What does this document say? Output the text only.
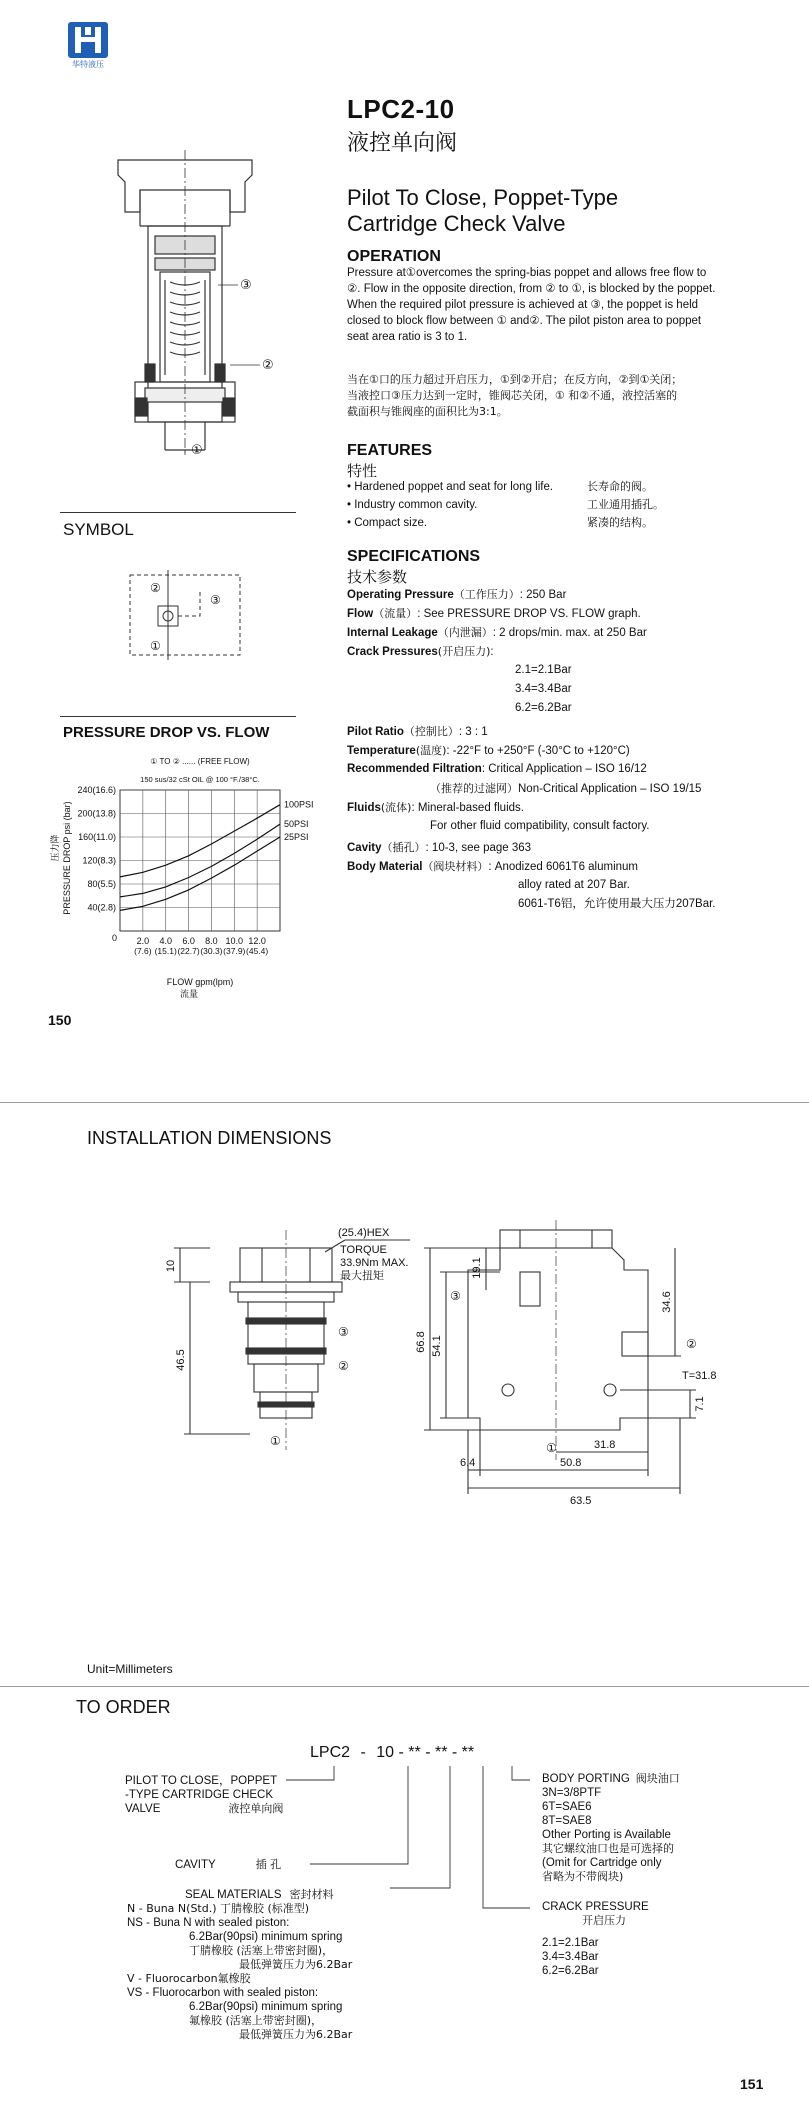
华特液压
LPC2-10
液控单向阀
Pilot To Close, Poppet-Type
Cartridge Check Valve
③
②
①
OPERATION
Pressure at①overcomes the spring-bias poppet and allows free flow to
②. Flow in the opposite direction, from ② to ①, is blocked by the poppet.
When the required pilot pressure is achieved at ③, the poppet is held
closed to block flow between ① and②. The pilot piston area to poppet
seat area ratio is 3 to 1.
当在①口的压力超过开启压力，①到②开启；在反方向，②到①关闭；
当液控口③压力达到一定时，锥阀芯关闭，① 和②不通，液控活塞的
截面积与锥阀座的面积比为3:1。
FEATURES
特性
• Hardened poppet and seat for long life.	长寿命的阀。
• Industry common cavity.	工业通用插孔。
• Compact size.	紧凑的结构。
SPECIFICATIONS
技术参数
Operating Pressure（工作压力）: 250 Bar
Flow（流量）: See PRESSURE DROP VS. FLOW graph.
Internal Leakage（内泄漏）: 2 drops/min. max. at 250 Bar
Crack Pressures(开启压力):
2.1=2.1Bar
3.4=3.4Bar
6.2=6.2Bar
Pilot Ratio（控制比）: 3 : 1
Temperature(温度): -22°F to +250°F (-30°C to +120°C)
Recommended Filtration: Critical Application – ISO 16/12
（推荐的过滤网）Non-Critical Application – ISO 19/15
Fluids(流体): Mineral-based fluids.
For other fluid compatibility, consult factory.
Cavity（插孔）: 10-3, see page 363
Body Material（阀块材料）: Anodized 6061T6 aluminum
alloy rated at 207 Bar.
6061-T6铝，允许使用最大压力207Bar.
SYMBOL
②
③
①
PRESSURE DROP VS. FLOW
① TO ② ...... (FREE FLOW)
150 sus/32 cSt OIL @ 100 °F./38°C.
2.0
(7.6)
4.0
(15.1)
6.0
(22.7)
8.0
(30.3)
10.0
(37.9)
12.0
(45.4)
40(2.8)
80(5.5)
120(8.3)
160(11.0)
200(13.8)
240(16.6)
100PSI
50PSI
25PSI
0
FLOW gpm(lpm)
流量
PRESSURE DROP psi (bar)
压力降
150
INSTALLATION DIMENSIONS
(25.4)HEX
TORQUE
33.9Nm MAX.
最大扭矩
③
②
①
③
②
①
10
46.5
66.8 54.1
19.1
34.6
7.1
T=31.8
31.8
6.4	50.8
63.5
Unit=Millimeters
TO ORDER
LPC2 - 10 - ** - ** - **
PILOT TO CLOSE，POPPET
-TYPE CARTRIDGE CHECK
VALVE	液控单向阀
CAVITY	插 孔
SEAL MATERIALS 密封材料
N - Buna N(Std.) 丁腈橡胶 (标准型)
NS - Buna N with sealed piston:
6.2Bar(90psi) minimum spring
丁腈橡胶 (活塞上带密封圈)，
最低弹簧压力为6.2Bar
V - Fluorocarbon氟橡胶
VS - Fluorocarbon with sealed piston:
6.2Bar(90psi) minimum spring
氟橡胶 (活塞上带密封圈)，
最低弹簧压力为6.2Bar
BODY PORTING 阀块油口
3N=3/8PTF
6T=SAE6
8T=SAE8
Other Porting is Available
其它螺纹油口也是可选择的
(Omit for Cartridge only
省略为不带阀块)
CRACK PRESSURE
开启压力
2.1=2.1Bar
3.4=3.4Bar
6.2=6.2Bar
151
